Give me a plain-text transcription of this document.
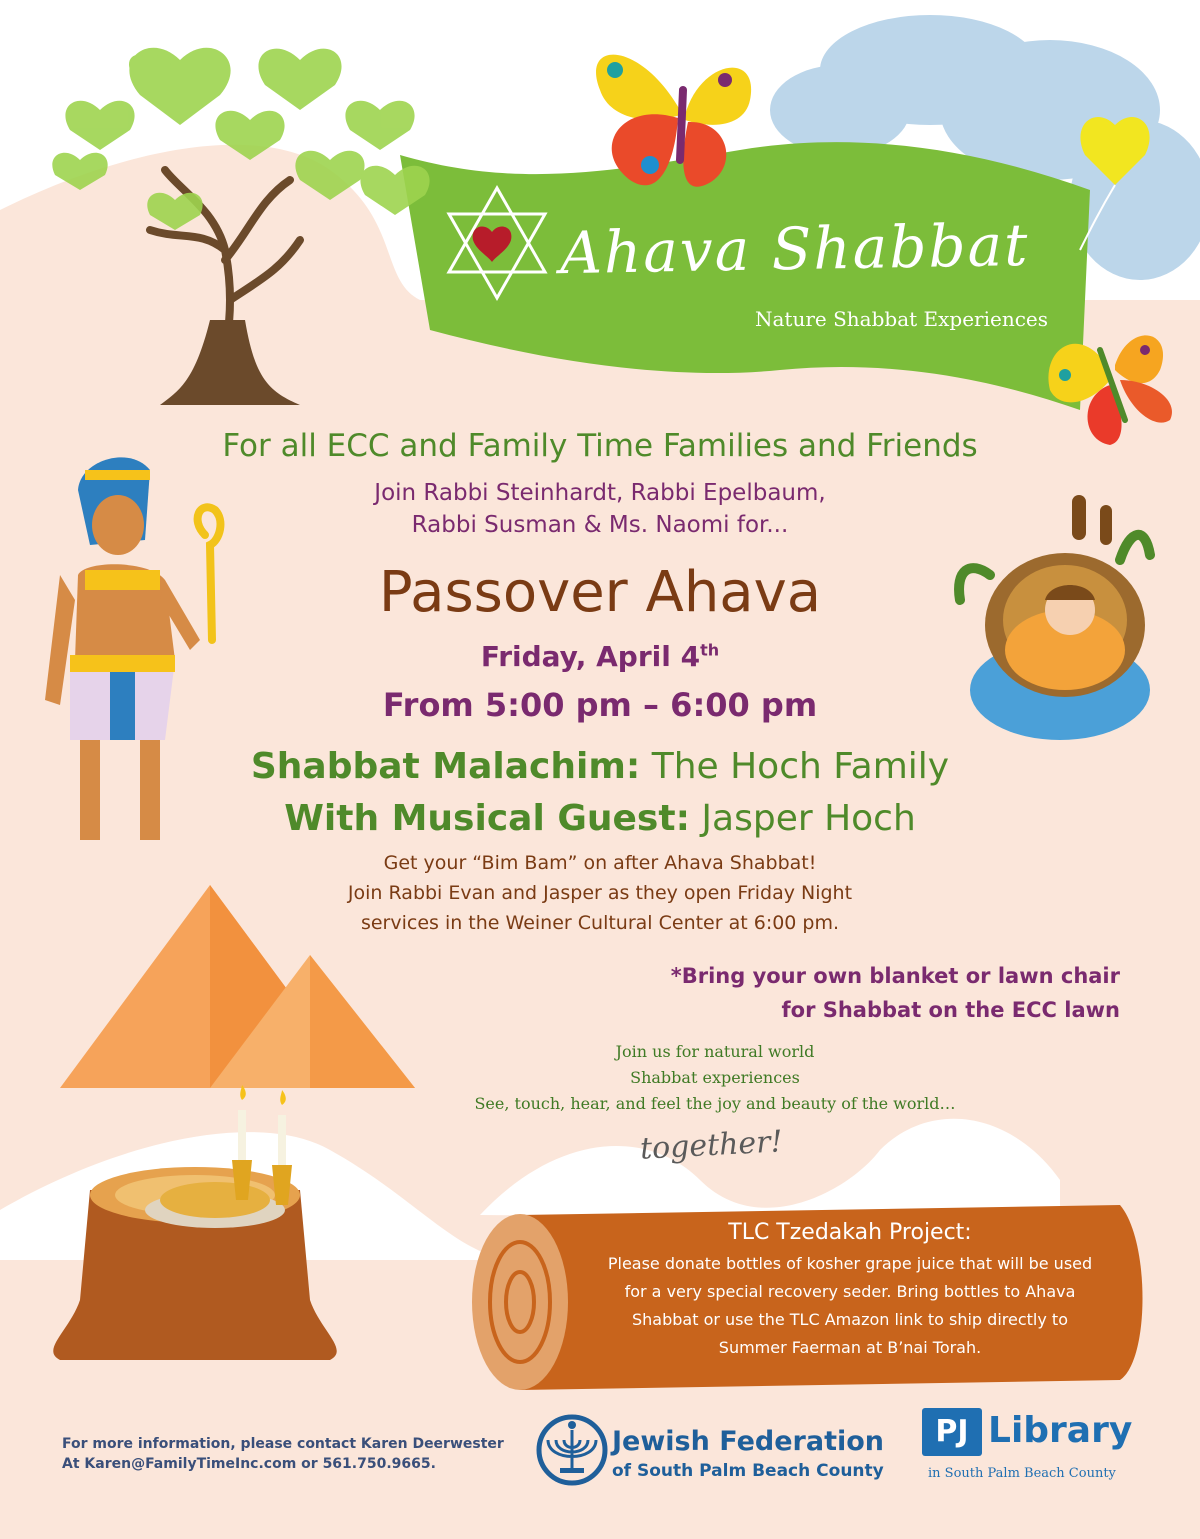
Ahava Shabbat
Nature Shabbat Experiences
For all ECC and Family Time Families and Friends
Join Rabbi Steinhardt, Rabbi Epelbaum,
Rabbi Susman & Ms. Naomi for...
Passover Ahava
Friday, April 4th
From 5:00 pm – 6:00 pm
Shabbat Malachim: The Hoch Family
With Musical Guest: Jasper Hoch
Get your “Bim Bam” on after Ahava Shabbat!
Join Rabbi Evan and Jasper as they open Friday Night
services in the Weiner Cultural Center at 6:00 pm.
*Bring your own blanket or lawn chair
for Shabbat on the ECC lawn
Join us for natural world
Shabbat experiences
See, touch, hear, and feel the joy and beauty of the world…
together!
TLC Tzedakah Project:
Please donate bottles of kosher grape juice that will be used
for a very special recovery seder. Bring bottles to Ahava
Shabbat or use the TLC Amazon link to ship directly to
Summer Faerman at B’nai Torah.
For more information, please contact Karen Deerwester
At Karen@FamilyTimeInc.com or 561.750.9665.
Jewish Federation
of South Palm Beach County
PJ Library
in South Palm Beach County
